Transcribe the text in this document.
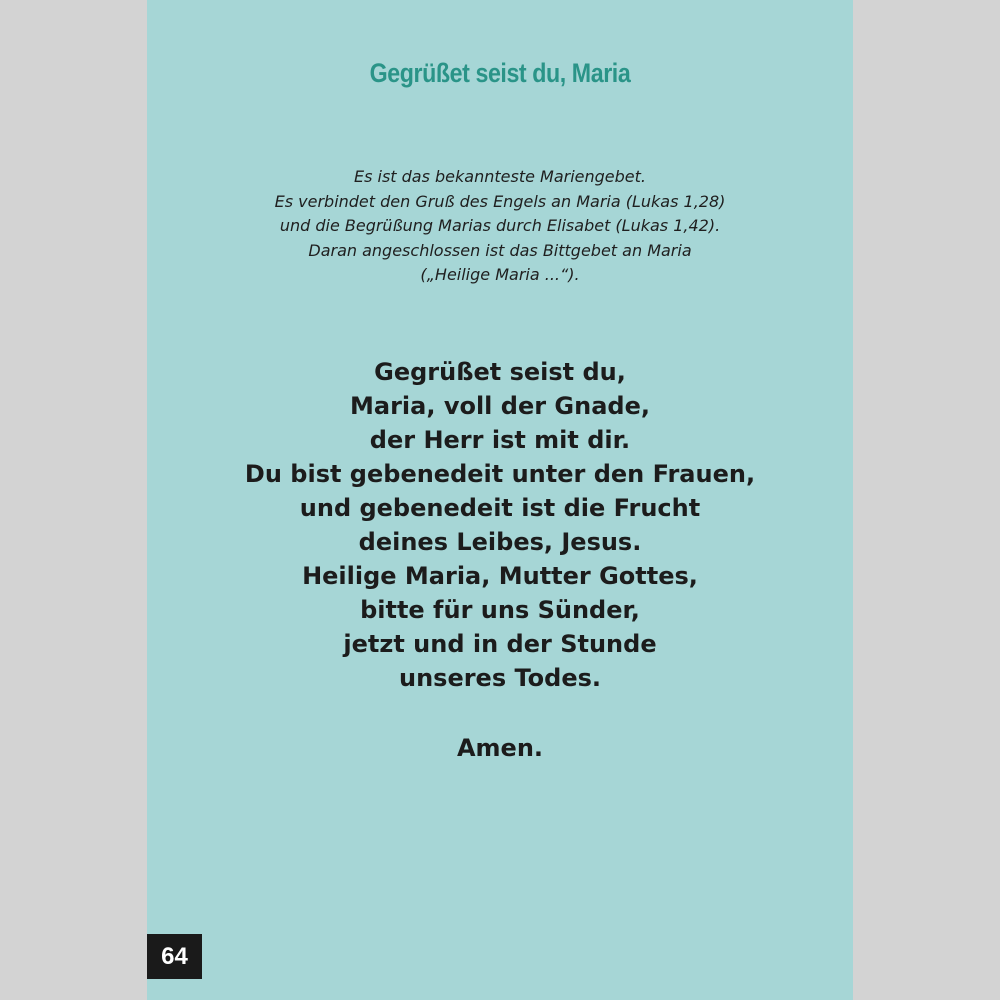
Gegrüßet seist du, Maria
Es ist das bekannteste Mariengebet.
Es verbindet den Gruß des Engels an Maria (Lukas 1,28)
und die Begrüßung Marias durch Elisabet (Lukas 1,42).
Daran angeschlossen ist das Bittgebet an Maria
(„Heilige Maria ...“).
Gegrüßet seist du,
Maria, voll der Gnade,
der Herr ist mit dir.
Du bist gebenedeit unter den Frauen,
und gebenedeit ist die Frucht
deines Leibes, Jesus.
Heilige Maria, Mutter Gottes,
bitte für uns Sünder,
jetzt und in der Stunde
unseres Todes.
Amen.
64
